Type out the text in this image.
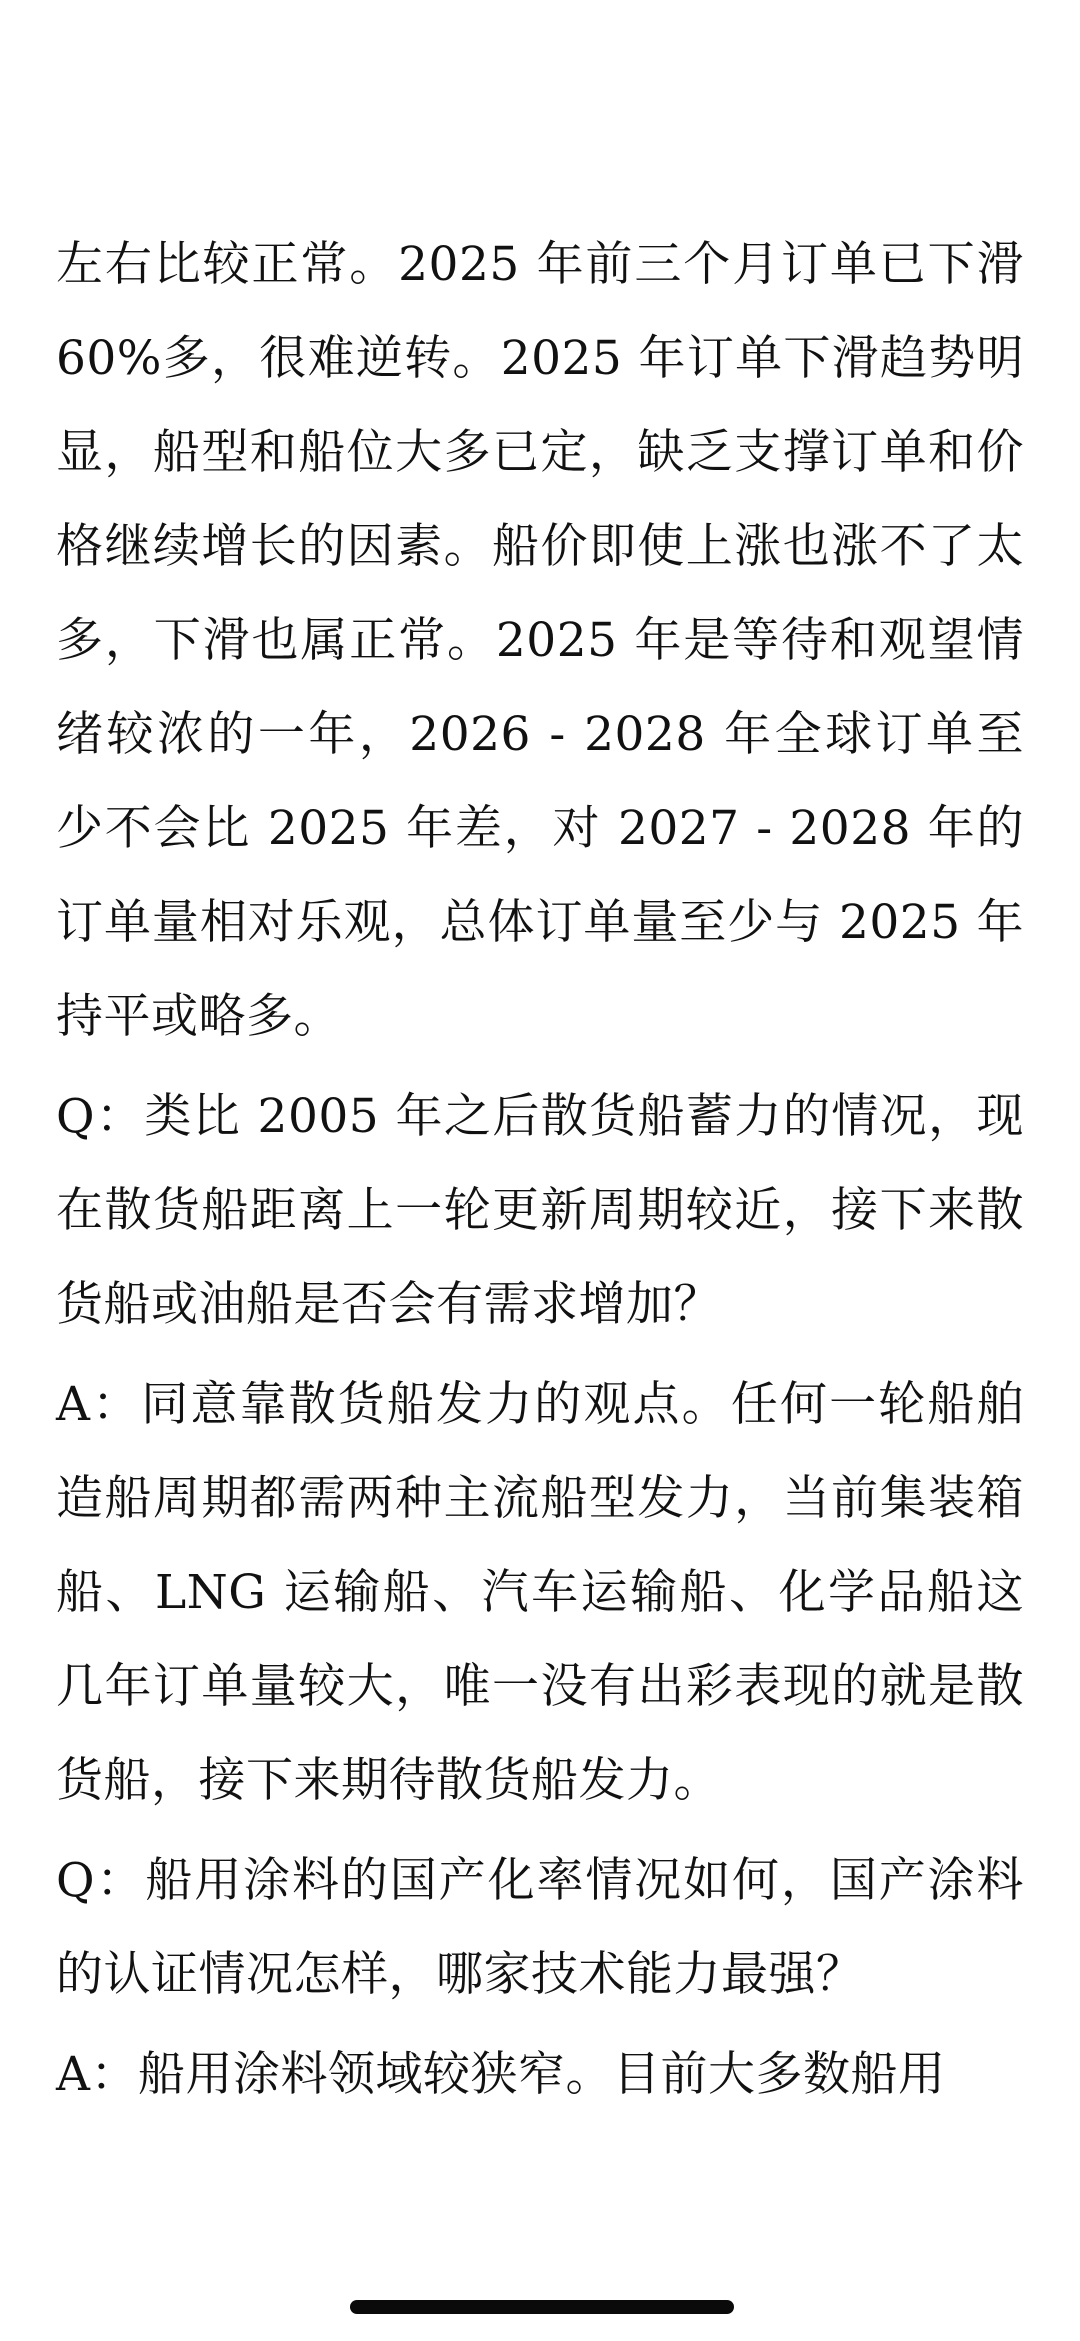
左右比较正常。2025 年前三个月订单已下滑 60%多，很难逆转。2025 年订单下滑趋势明显，船型和船位大多已定，缺乏支撑订单和价格继续增长的因素。船价即使上涨也涨不了太多，下滑也属正常。2025 年是等待和观望情绪较浓的一年，2026 - 2028 年全球订单至少不会比 2025 年差，对 2027 - 2028 年的订单量相对乐观，总体订单量至少与 2025 年持平或略多。

Q：类比 2005 年之后散货船蓄力的情况，现在散货船距离上一轮更新周期较近，接下来散货船或油船是否会有需求增加？

A：同意靠散货船发力的观点。任何一轮船舶造船周期都需两种主流船型发力，当前集装箱船、LNG 运输船、汽车运输船、化学品船这几年订单量较大，唯一没有出彩表现的就是散货船，接下来期待散货船发力。

Q：船用涂料的国产化率情况如何，国产涂料的认证情况怎样，哪家技术能力最强？

A：船用涂料领域较狭窄。目前大多数船用
